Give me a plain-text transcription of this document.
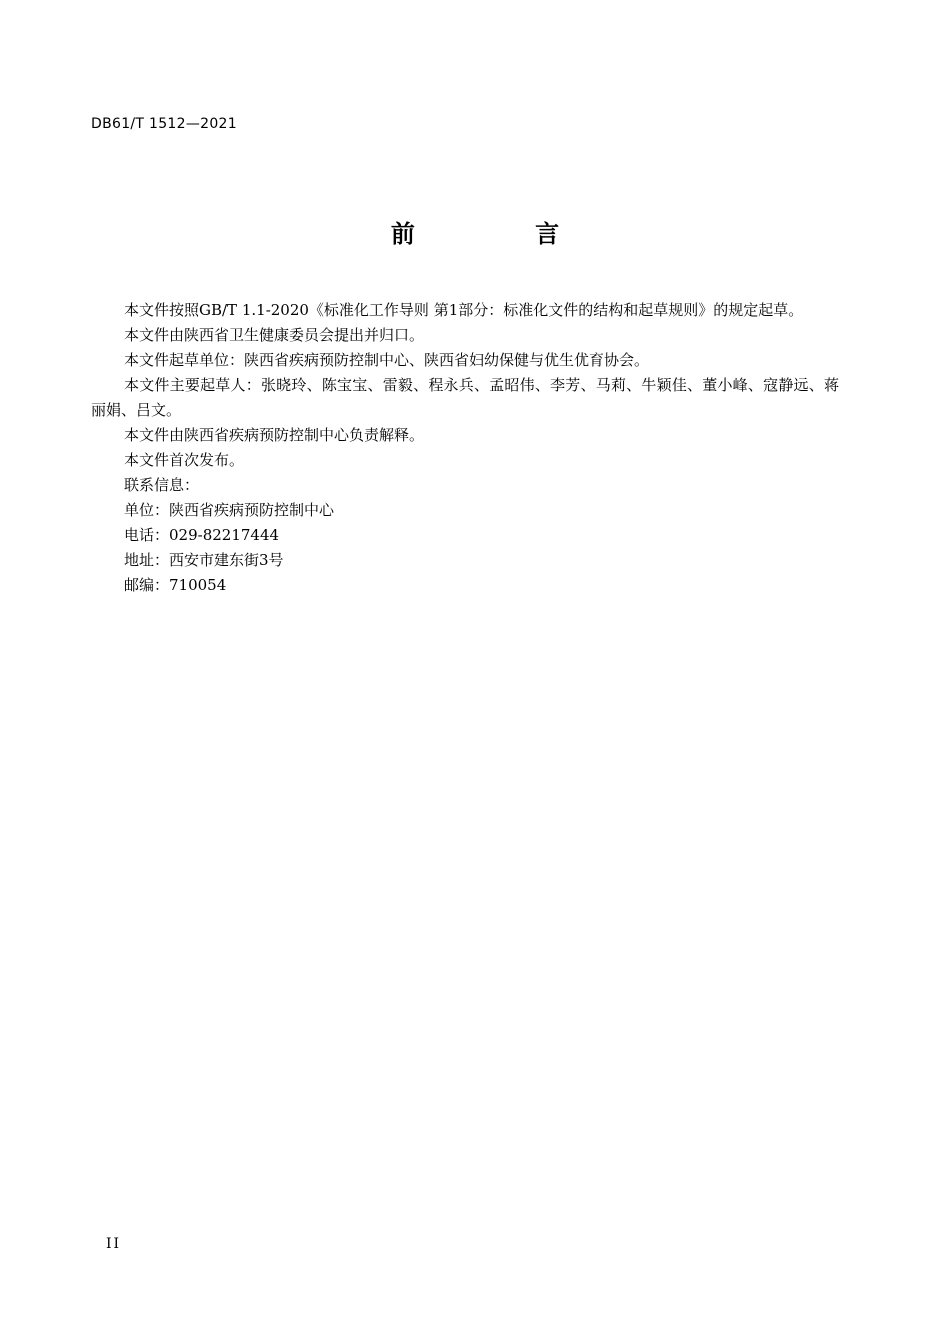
DB61/T 1512—2021
前 言

本文件按照GB/T 1.1-2020《标准化工作导则 第1部分：标准化文件的结构和起草规则》的规定起草。

本文件由陕西省卫生健康委员会提出并归口。

本文件起草单位：陕西省疾病预防控制中心、陕西省妇幼保健与优生优育协会。

本文件主要起草人：张晓玲、陈宝宝、雷毅、程永兵、孟昭伟、李芳、马莉、牛颖佳、董小峰、寇静远、蒋丽娟、吕文。

本文件由陕西省疾病预防控制中心负责解释。

本文件首次发布。

联系信息：

单位：陕西省疾病预防控制中心

电话：029-82217444

地址：西安市建东街3号

邮编：710054

II
